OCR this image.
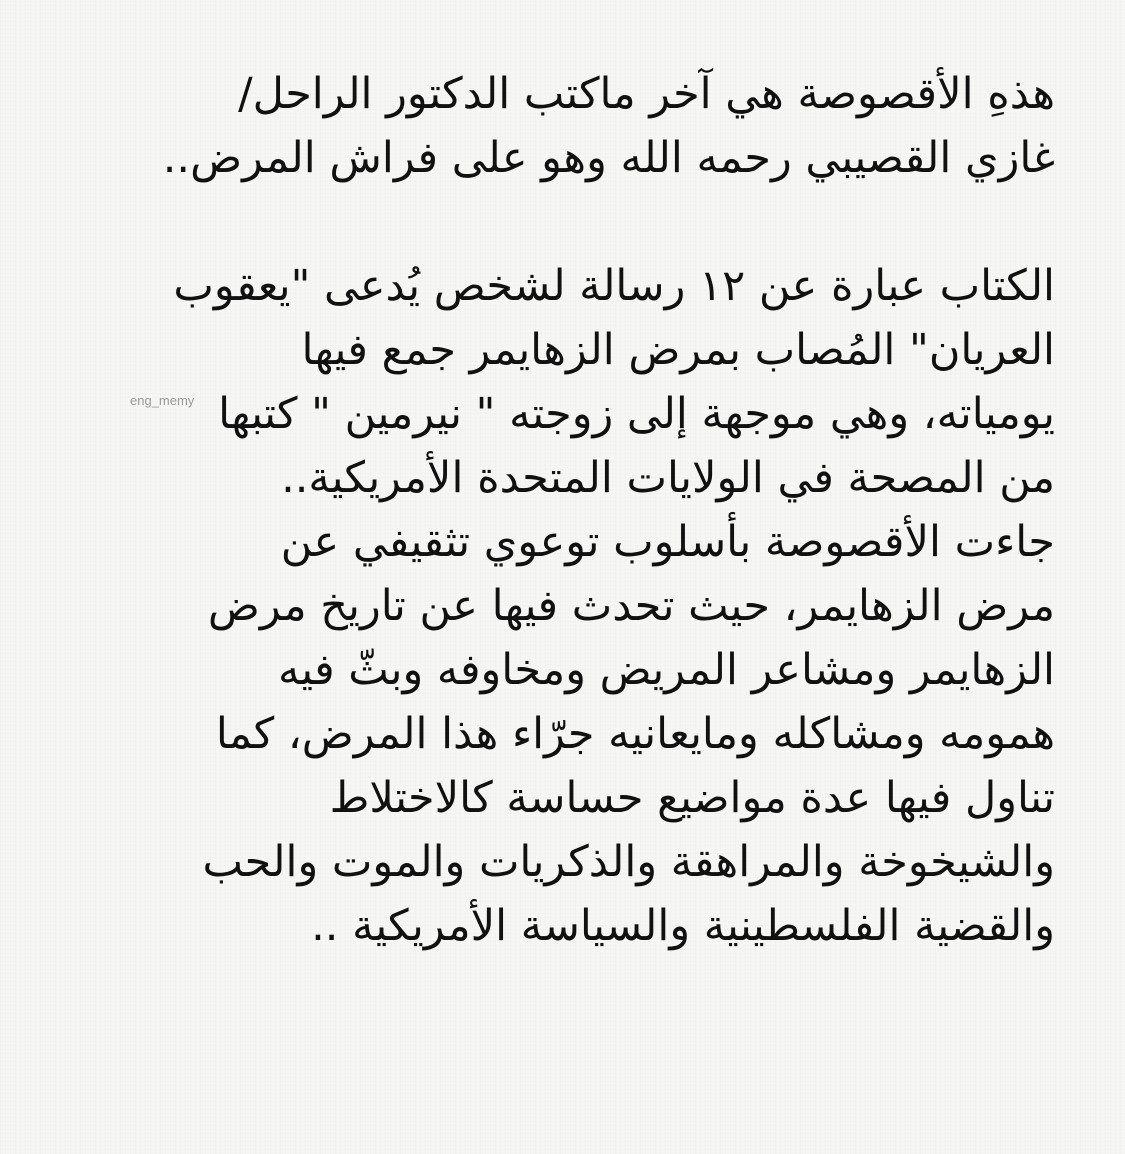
هذهِ الأقصوصة هي آخر ماكتب الدكتور الراحل/
غازي القصيبي رحمه الله وهو على فراش المرض..
الكتاب عبارة عن ١٢ رسالة لشخص يُدعى "يعقوب
العريان" المُصاب بمرض الزهايمر جمع فيها
يومياته، وهي موجهة إلى زوجته " نيرمين " كتبها
من المصحة في الولايات المتحدة الأمريكية..
جاءت الأقصوصة بأسلوب توعوي تثقيفي عن
مرض الزهايمر، حيث تحدث فيها عن تاريخ مرض
الزهايمر ومشاعر المريض ومخاوفه وبثّ فيه
همومه ومشاكله ومايعانيه جرّاء هذا المرض، كما
تناول فيها عدة مواضيع حساسة كالاختلاط
والشيخوخة والمراهقة والذكريات والموت والحب
والقضية الفلسطينية والسياسة الأمريكية ..
eng_memy
